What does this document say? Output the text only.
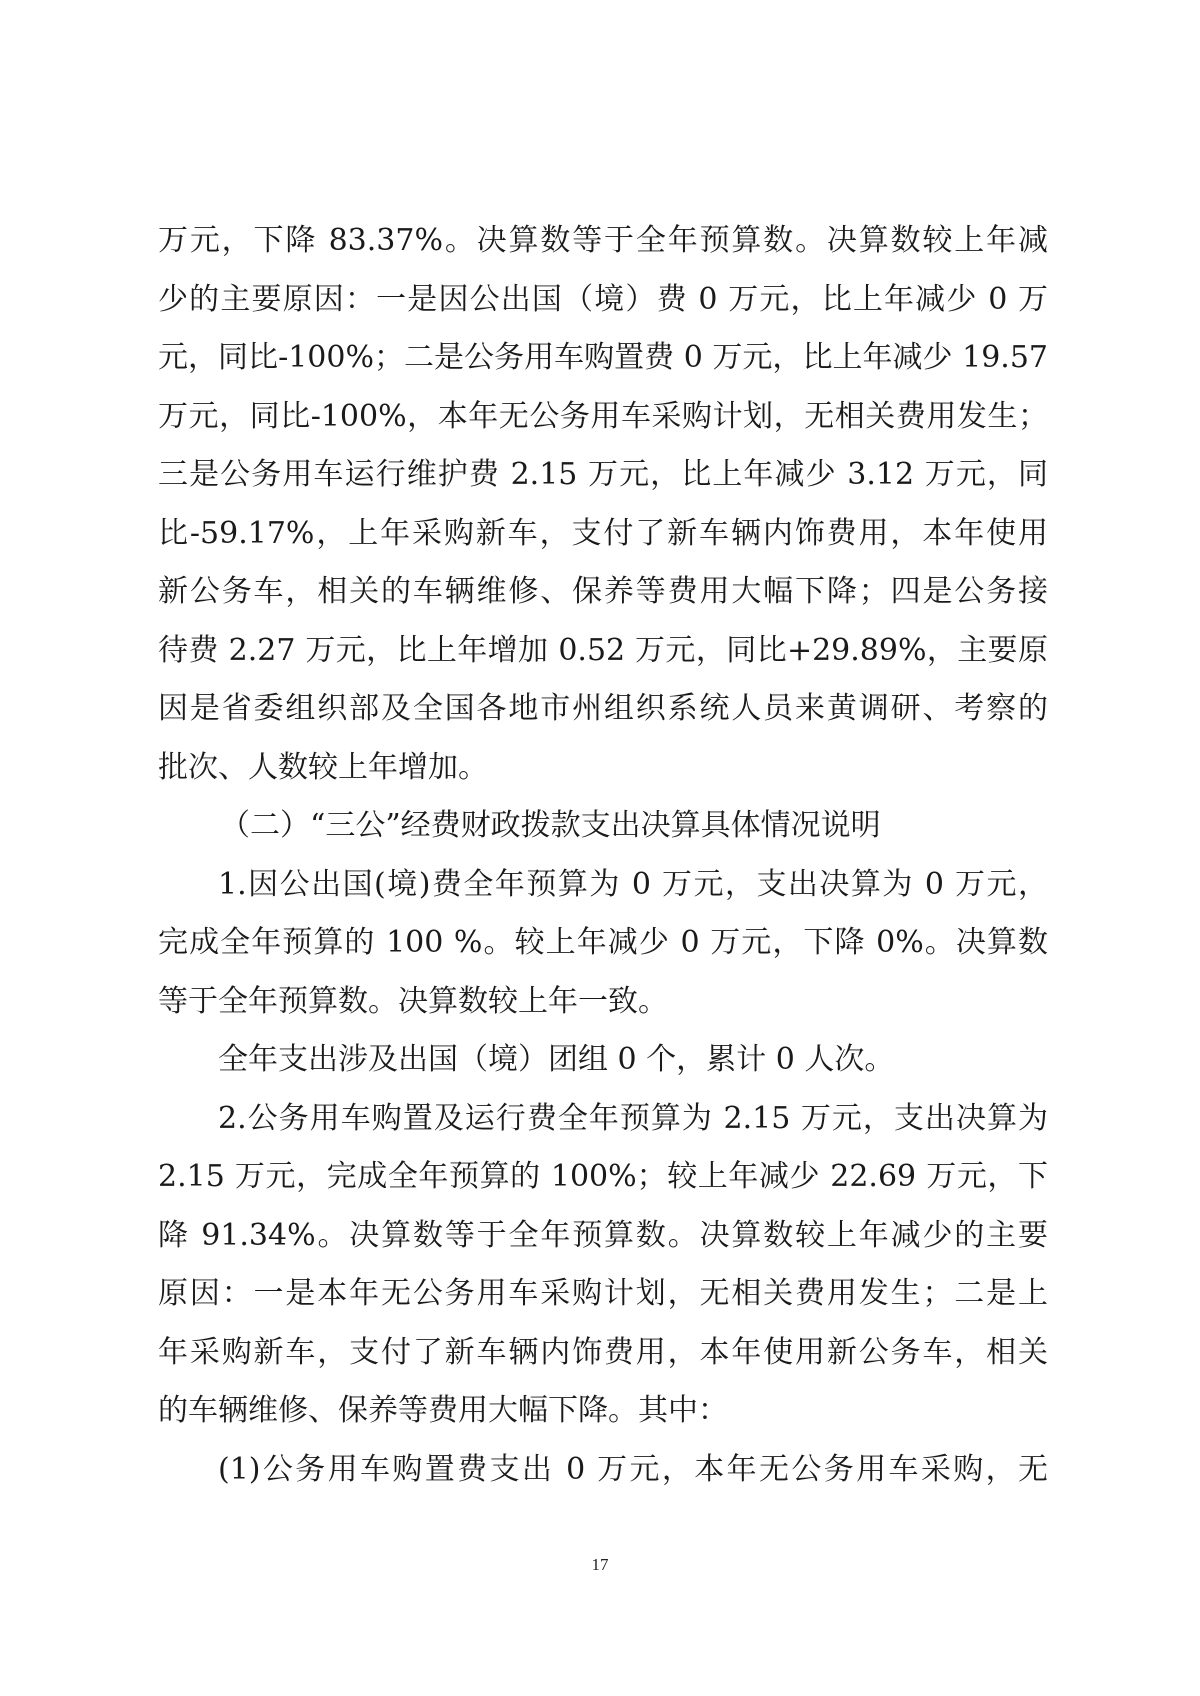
万元，下降 83.37%。决算数等于全年预算数。决算数较上年减
少的主要原因：一是因公出国（境）费 0 万元，比上年减少 0 万
元，同比-100%；二是公务用车购置费 0 万元，比上年减少 19.57
万元，同比-100%，本年无公务用车采购计划，无相关费用发生；
三是公务用车运行维护费 2.15 万元，比上年减少 3.12 万元，同
比-59.17%，上年采购新车，支付了新车辆内饰费用，本年使用
新公务车，相关的车辆维修、保养等费用大幅下降；四是公务接
待费 2.27 万元，比上年增加 0.52 万元，同比+29.89%，主要原
因是省委组织部及全国各地市州组织系统人员来黄调研、考察的
批次、人数较上年增加。
（二）“三公”经费财政拨款支出决算具体情况说明
1.因公出国(境)费全年预算为 0 万元，支出决算为 0 万元，
完成全年预算的 100 %。较上年减少 0 万元，下降 0%。决算数
等于全年预算数。决算数较上年一致。
全年支出涉及出国（境）团组 0 个，累计 0 人次。
2.公务用车购置及运行费全年预算为 2.15 万元，支出决算为
2.15 万元，完成全年预算的 100%；较上年减少 22.69 万元，下
降 91.34%。决算数等于全年预算数。决算数较上年减少的主要
原因：一是本年无公务用车采购计划，无相关费用发生；二是上
年采购新车，支付了新车辆内饰费用，本年使用新公务车，相关
的车辆维修、保养等费用大幅下降。其中：
(1)公务用车购置费支出 0 万元，本年无公务用车采购，无
17
